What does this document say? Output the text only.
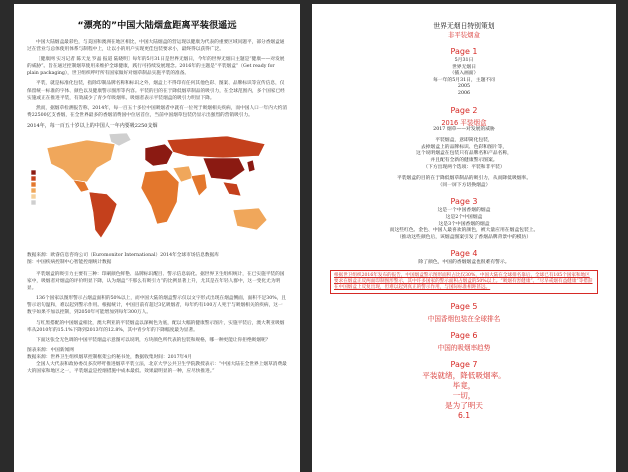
“漂亮的”中国大陆烟盒距离平装很遥远

中国大陆烟盒最彩色，与美国和澳洲在地区相比，中国大陆烟盒的营运现以健康为代表的重要区域问题平，部分香烟盒通过在营业与总体使用体系与制程中上，让以小的用户实现更佳包装要求小，最终得以获得广泛。

［健康网 实习记者 陈天龙 罗晶 报道 陆晓明］每年的5月31日是世界无烟日，今年的世界无烟日主题是“健康——对发展的威胁”。旨在通过控制烟草使用来维护全球健康，践行可持续发展理念。2016年的主题是“平装烟盒”（Get ready for plain packaging），世卫组织呼吁所有国家做好对烟草制品实施平装的准备。

平装，就是标准化包装，指除印制品牌名称和标识之外，烟盒上不得印有任何其他色彩、图案、品牌标识等宣传信息，仅保留统一标准的字体、颜色以及健康警示图形等内容。平装的目的在于降低烟草制品的吸引力，在全球范围内，多个国家已经实施或正在推进平装，有效减少了青少年吸烟率。吸烟者表示平装烟盒的吸引力明显下降。

然而，据烟草检测报告称，2014年，每一百五十多位中国吸烟者中就有一位死于吸烟相关疾病，而中国人口一年内大约消费22500亿支香烟，在全世界最多的香烟消费国中位居首位，当前中国烟草包装仍显示出强烈的营销吸引力。

2014年，每一百五十岁以上的中国人一年内要吸2250支烟

数据来源：欧睿信息咨询公司（Euromonitor International）2014年全球市场信息数据库

图：中国疾病控制中心智能控烟统计数据

平装烟盒的吸引力主要有三种：印刷颜色鲜艳、品牌标识醒目、警示信息弱化。据世界卫生组织统计，在已实施平装的国家中，吸烟者对烟盒的评价明显下降，认为烟盒“不那么有吸引力”的比例显著上升，尤其是在年轻人群中，这一变化尤为明显。

136个国家以图形警示占烟盒面积的50%以上，而中国大陆的烟盒警示仅以文字形式出现在烟盒侧面，面积不足30%，且警示语句温和，难以起到警示作用。根据统计，中国目前有超过3亿吸烟者，每年约有100万人死于与吸烟相关的疾病，这一数字如果不加以控制，到2050年可能增加到每年300万人。

与红黑搭配的中国烟盒相比，澳大利亚的平装烟盒以深褐色为底，配以大幅的健康警示图片，实施平装后，澳大利亚吸烟率从2010年的15.1%下降到2013年的12.8%，其中青少年的下降幅度最为显著。

下面这张全无色调的中国平装烟盒示意图可以说明，方块颜色所代表的包装和规格，哪一种更能让你拒绝吸烟呢？

图表来源：中国新闻网

数据来源：世界卫生组织烟草控制框架公约秘书处，数据收集时间：2017年4月

全国人大代表和政协委员多次呼吁推进烟草平装立法，北京大学公共卫生学院教授表示：“中国大陆在全世界上烟草消费最大的国家和地区之一，平装烟盒是控烟措施中成本最低、效果最明显的一种，应尽快推进。”

世界无烟日特别策划
非平装烟盒
Page 1

5月31日

世界无烟日

（插入画面）

每一年的5月31日，主题不同

2005

2006

Page 2

2016 平装烟盒

2017 烟草——对发展的威胁

平装烟盒，意即简化包装，

去掉烟盒上的品牌标识、色彩和图片等，

这个说明烟盒在包装只有品牌名和产品名称，

并且配有全新的健康警示图案。

（下方出现两个选项：平装和非平装）

平装烟盒的目的在于降低烟草制品的吸引力，从而降低吸烟率。

（同一屏下方切换烟盒）

Page 3

这是一个中国香烟的烟盒

这是2个中国烟盒

这是3个中国香烟的烟盒

而这些红色、金色、中国人最喜欢的颜色，被大量应用在烟盒包装上。

（推动这些颜色后，该烟盒图案引发了香烟品牌背景中的模仿）

Page 4

除了颜色，中国的香烟烟盒也很难有警示。

根据世卫组织2016年发布的报告，中国烟盒警示图形面积占比仅30%，中国大陆在全球排名靠后，全球已有105个国家和地区要求在烟盒正反两面印制图形警示，其中许多国家的警示面积占烟盒的50%以上。“吸烟有害健康”、“尽早戒烟有益健康”等措辞在中国烟盒上反复出现，但难以起到真正的警示作用，与国际标准相距甚远。

Page 5

中国香烟包装在全球排名

Page 6

中国的吸烟率趋势

Page 7

平装就绪，降低吸烟率。

毕竟，

一切，

是为了明天

6.1
